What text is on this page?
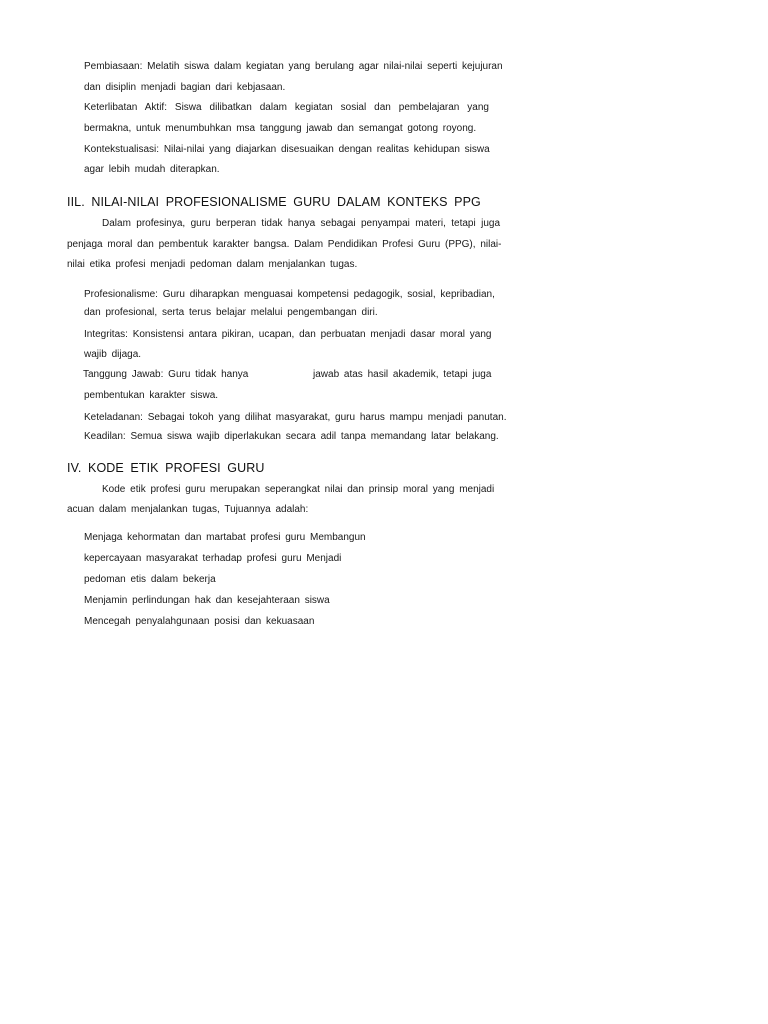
Pembiasaan: Melatih siswa dalam kegiatan yang berulang agar nilai-nilai seperti kejujuran
dan disiplin menjadi bagian dari kebjasaan.
Keterlibatan Aktif: Siswa dilibatkan dalam kegiatan sosial dan pembelajaran yang
bermakna, untuk menumbuhkan msa tanggung jawab dan semangat gotong royong.
Kontekstualisasi: Nilai-nilai yang diajarkan disesuaikan dengan realitas kehidupan siswa
agar lebih mudah diterapkan.
IIL. NILAI-NILAI PROFESIONALISME GURU DALAM KONTEKS PPG
Dalam profesinya, guru berperan tidak hanya sebagai penyampai materi, tetapi juga
penjaga moral dan pembentuk karakter bangsa. Dalam Pendidikan Profesi Guru (PPG), nilai-
nilai etika profesi menjadi pedoman dalam menjalankan tugas.
Profesionalisme: Guru diharapkan menguasai kompetensi pedagogik, sosial, kepribadian,
dan profesional, serta terus belajar melalui pengembangan diri.
Integritas: Konsistensi antara pikiran, ucapan, dan perbuatan menjadi dasar moral yang
wajib dijaga.
Tanggung Jawab: Guru tidak hanya	jawab atas hasil akademik, tetapi juga
pembentukan karakter siswa.
Keteladanan: Sebagai tokoh yang dilihat masyarakat, guru harus mampu menjadi panutan.
Keadilan: Semua siswa wajib diperlakukan secara adil tanpa memandang latar belakang.
IV. KODE ETIK PROFESI GURU
Kode etik profesi guru merupakan seperangkat nilai dan prinsip moral yang menjadi
acuan dalam menjalankan tugas, Tujuannya adalah:
Menjaga kehormatan dan martabat profesi guru Membangun
kepercayaan masyarakat terhadap profesi guru Menjadi
pedoman etis dalam bekerja
Menjamin perlindungan hak dan kesejahteraan siswa
Mencegah penyalahgunaan posisi dan kekuasaan
